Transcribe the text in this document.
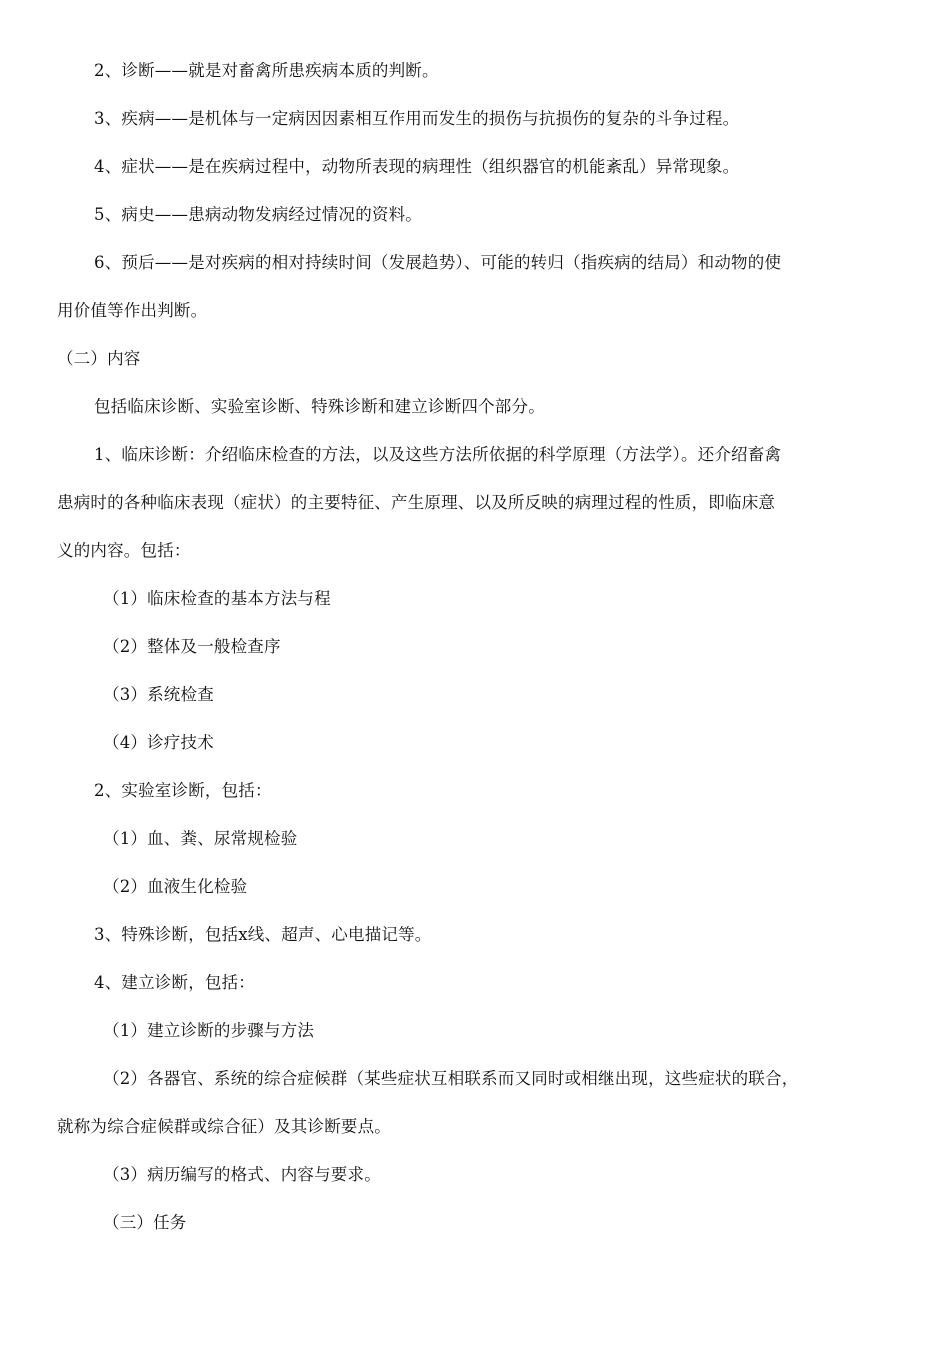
2、诊断——就是对畜禽所患疾病本质的判断。
3、疾病——是机体与一定病因因素相互作用而发生的损伤与抗损伤的复杂的斗争过程。
4、症状——是在疾病过程中，动物所表现的病理性（组织器官的机能紊乱）异常现象。
5、病史——患病动物发病经过情况的资料。
6、预后——是对疾病的相对持续时间（发展趋势）、可能的转归（指疾病的结局）和动物的使
用价值等作出判断。
（二）内容
包括临床诊断、实验室诊断、特殊诊断和建立诊断四个部分。
1、临床诊断：介绍临床检查的方法，以及这些方法所依据的科学原理（方法学）。还介绍畜禽
患病时的各种临床表现（症状）的主要特征、产生原理、以及所反映的病理过程的性质，即临床意
义的内容。包括：
（1）临床检查的基本方法与程
（2）整体及一般检查序
（3）系统检查
（4）诊疗技术
2、实验室诊断，包括：
（1）血、粪、尿常规检验
（2）血液生化检验
3、特殊诊断，包括x线、超声、心电描记等。
4、建立诊断，包括：
（1）建立诊断的步骤与方法
（2）各器官、系统的综合症候群（某些症状互相联系而又同时或相继出现，这些症状的联合，
就称为综合症候群或综合征）及其诊断要点。
（3）病历编写的格式、内容与要求。
（三）任务
